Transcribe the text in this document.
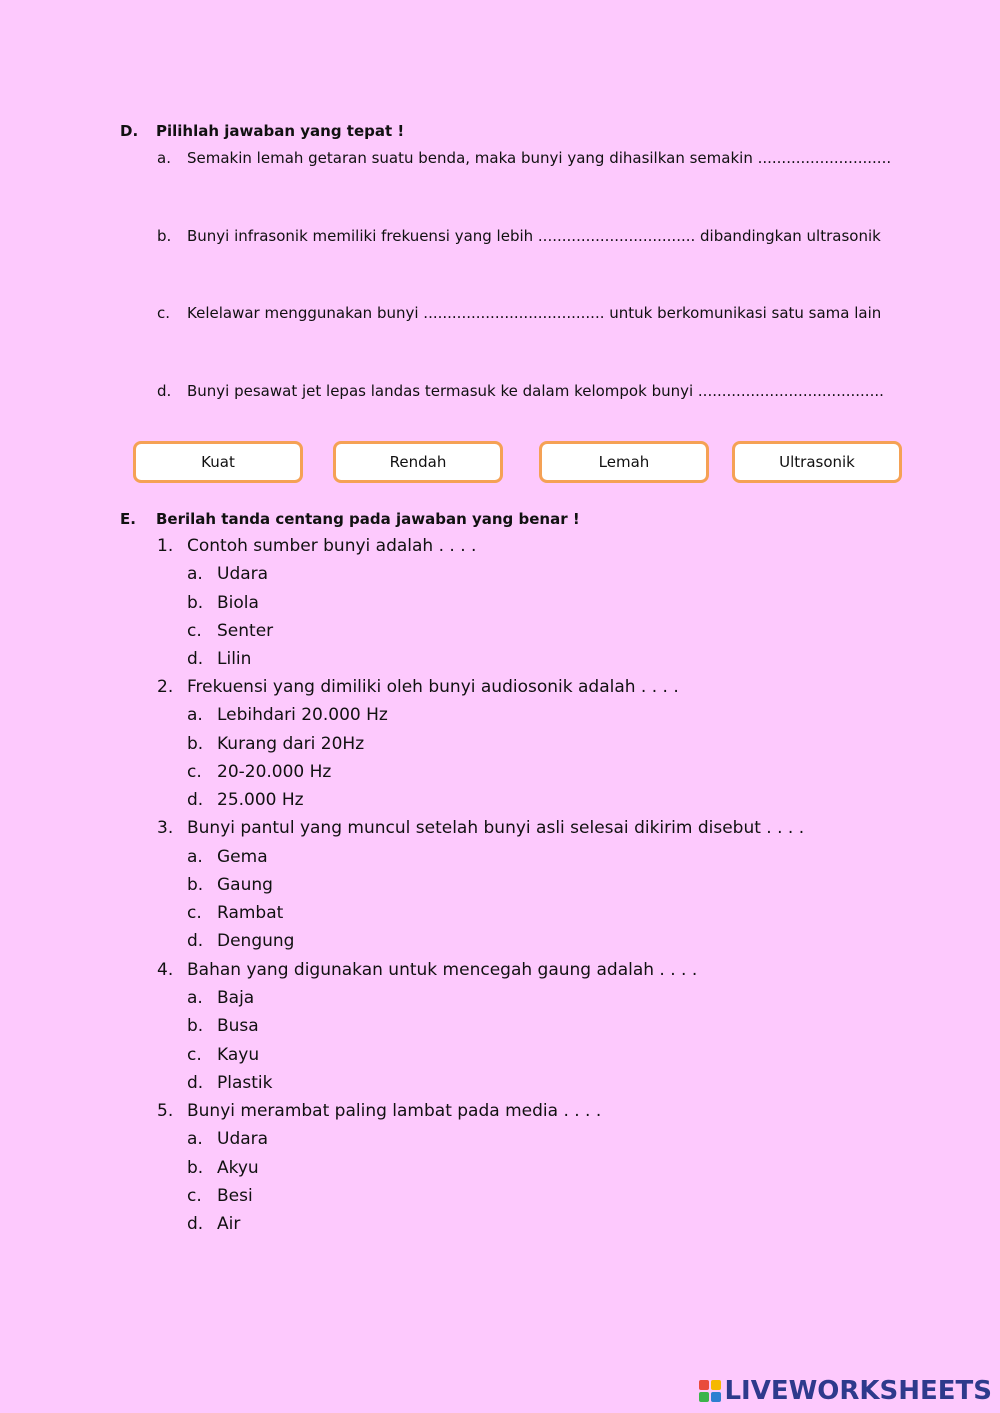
D. Pilihlah jawaban yang tepat !
a. Semakin lemah getaran suatu benda, maka bunyi yang dihasilkan semakin ............................
b. Bunyi infrasonik memiliki frekuensi yang lebih ................................. dibandingkan ultrasonik
c. Kelelawar menggunakan bunyi ...................................... untuk berkomunikasi satu sama lain
d. Bunyi pesawat jet lepas landas termasuk ke dalam kelompok bunyi .......................................
Kuat	Rendah	Lemah	Ultrasonik
E. Berilah tanda centang pada jawaban yang benar !
1. Contoh sumber bunyi adalah . . . .
a. Udara
b. Biola
c. Senter
d. Lilin
2. Frekuensi yang dimiliki oleh bunyi audiosonik adalah . . . .
a. Lebihdari 20.000 Hz
b. Kurang dari 20Hz
c. 20-20.000 Hz
d. 25.000 Hz
3. Bunyi pantul yang muncul setelah bunyi asli selesai dikirim disebut . . . .
a. Gema
b. Gaung
c. Rambat
d. Dengung
4. Bahan yang digunakan untuk mencegah gaung adalah . . . .
a. Baja
b. Busa
c. Kayu
d. Plastik
5. Bunyi merambat paling lambat pada media . . . .
a. Udara
b. Akyu
c. Besi
d. Air
LIVEWORKSHEETS
